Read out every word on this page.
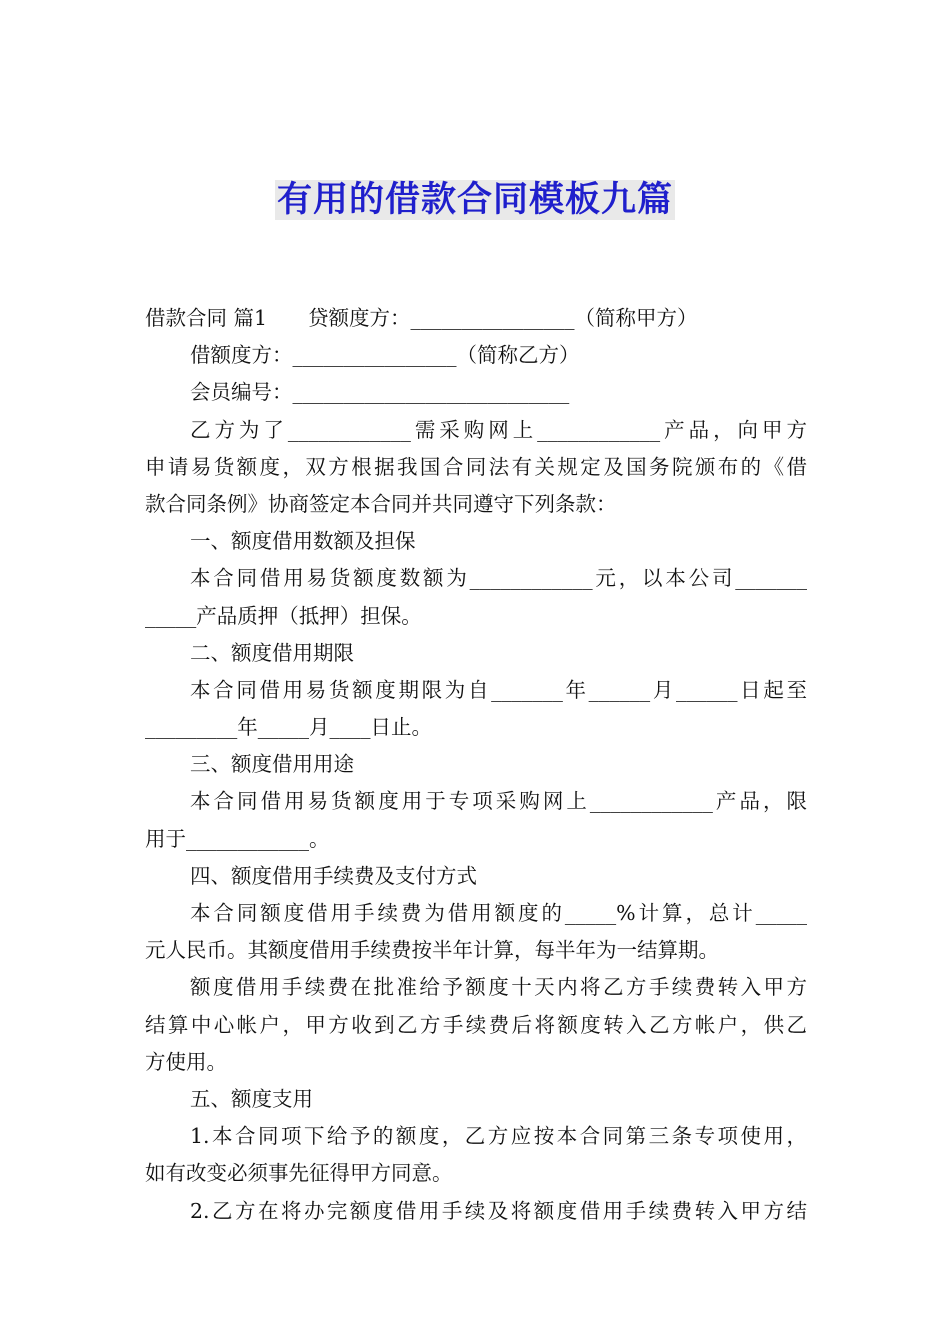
有用的借款合同模板九篇
借款合同 篇1　　贷额度方：________________（简称甲方）
借额度方：________________（简称乙方）
会员编号：___________________________
乙方为了____________需采购网上____________产品，向甲方
申请易货额度，双方根据我国合同法有关规定及国务院颁布的《借
款合同条例》协商签定本合同并共同遵守下列条款：
一、额度借用数额及担保
本合同借用易货额度数额为____________元，以本公司_______
_____产品质押（抵押）担保。
二、额度借用期限
本合同借用易货额度期限为自_______年______月______日起至
_________年_____月____日止。
三、额度借用用途
本合同借用易货额度用于专项采购网上____________产品，限
用于____________。
四、额度借用手续费及支付方式
本合同额度借用手续费为借用额度的_____%计算，总计_____
元人民币。其额度借用手续费按半年计算，每半年为一结算期。
额度借用手续费在批准给予额度十天内将乙方手续费转入甲方
结算中心帐户，甲方收到乙方手续费后将额度转入乙方帐户，供乙
方使用。
五、额度支用
1.本合同项下给予的额度，乙方应按本合同第三条专项使用，
如有改变必须事先征得甲方同意。
2.乙方在将办完额度借用手续及将额度借用手续费转入甲方结
